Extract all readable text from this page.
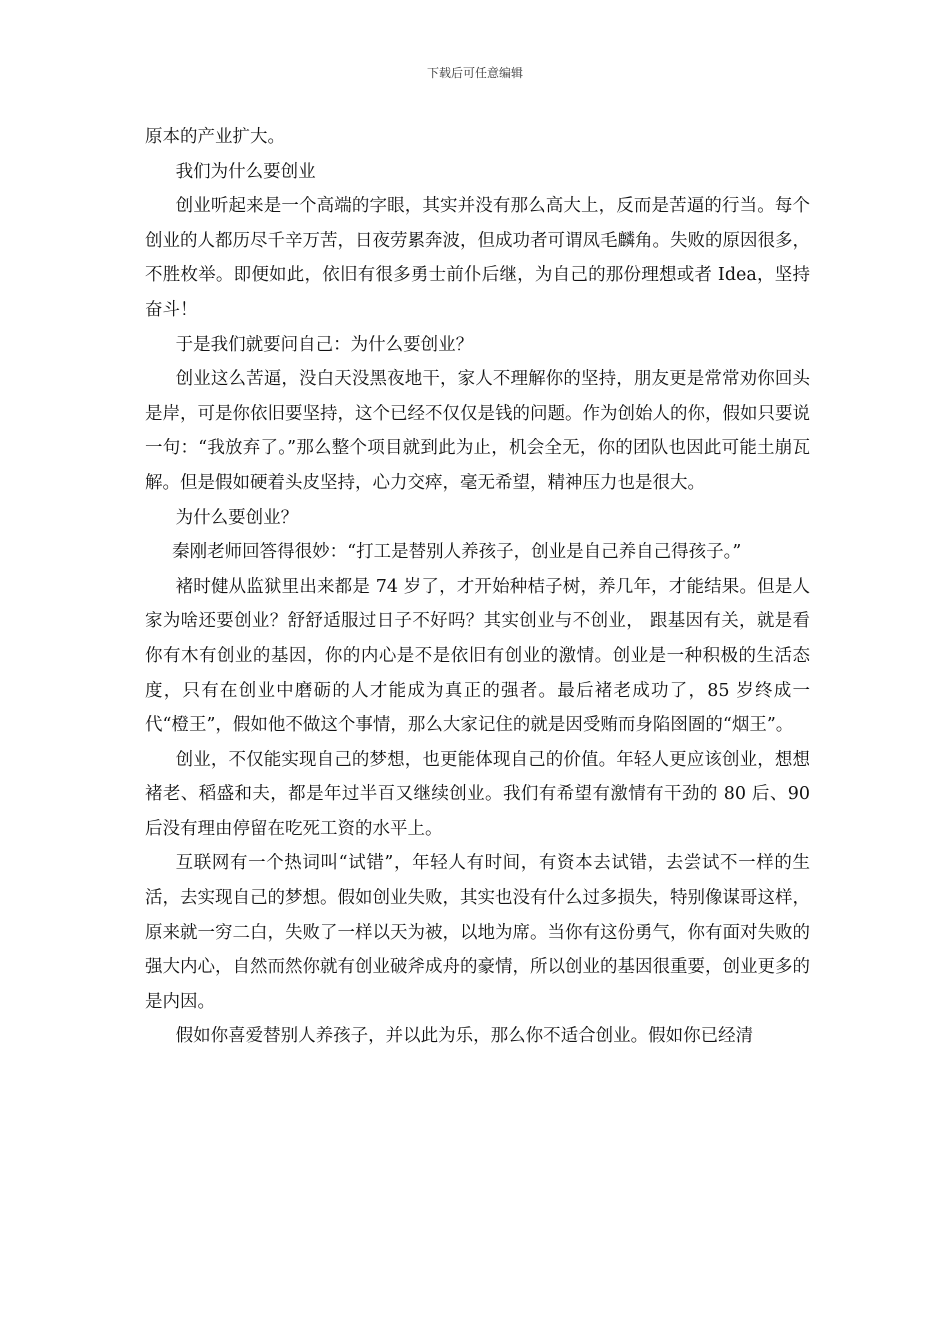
下载后可任意编辑

原本的产业扩大。

我们为什么要创业

创业听起来是一个高端的字眼，其实并没有那么高大上，反而是苦逼的行当。每个创业的人都历尽千辛万苦，日夜劳累奔波，但成功者可谓凤毛麟角。失败的原因很多，不胜枚举。即便如此，依旧有很多勇士前仆后继，为自己的那份理想或者 Idea，坚持奋斗！

于是我们就要问自己：为什么要创业？

创业这么苦逼，没白天没黑夜地干，家人不理解你的坚持，朋友更是常常劝你回头是岸，可是你依旧要坚持，这个已经不仅仅是钱的问题。作为创始人的你，假如只要说一句：“我放弃了。”那么整个项目就到此为止，机会全无，你的团队也因此可能土崩瓦解。但是假如硬着头皮坚持，心力交瘁，毫无希望，精神压力也是很大。

为什么要创业？

秦刚老师回答得很妙：“打工是替别人养孩子，创业是自己养自己得孩子。”

褚时健从监狱里出来都是 74 岁了，才开始种桔子树，养几年，才能结果。但是人家为啥还要创业？舒舒适服过日子不好吗？其实创业与不创业， 跟基因有关，就是看你有木有创业的基因，你的内心是不是依旧有创业的激情。创业是一种积极的生活态度，只有在创业中磨砺的人才能成为真正的强者。最后褚老成功了，85 岁终成一代“橙王”，假如他不做这个事情，那么大家记住的就是因受贿而身陷囹圄的“烟王”。

创业，不仅能实现自己的梦想，也更能体现自己的价值。年轻人更应该创业，想想褚老、稻盛和夫，都是年过半百又继续创业。我们有希望有激情有干劲的 80 后、90 后没有理由停留在吃死工资的水平上。

互联网有一个热词叫“试错”，年轻人有时间，有资本去试错，去尝试不一样的生活，去实现自己的梦想。假如创业失败，其实也没有什么过多损失，特别像谋哥这样，原来就一穷二白，失败了一样以天为被，以地为席。当你有这份勇气，你有面对失败的强大内心，自然而然你就有创业破斧成舟的豪情，所以创业的基因很重要，创业更多的是内因。

假如你喜爱替别人养孩子，并以此为乐，那么你不适合创业。假如你已经清
